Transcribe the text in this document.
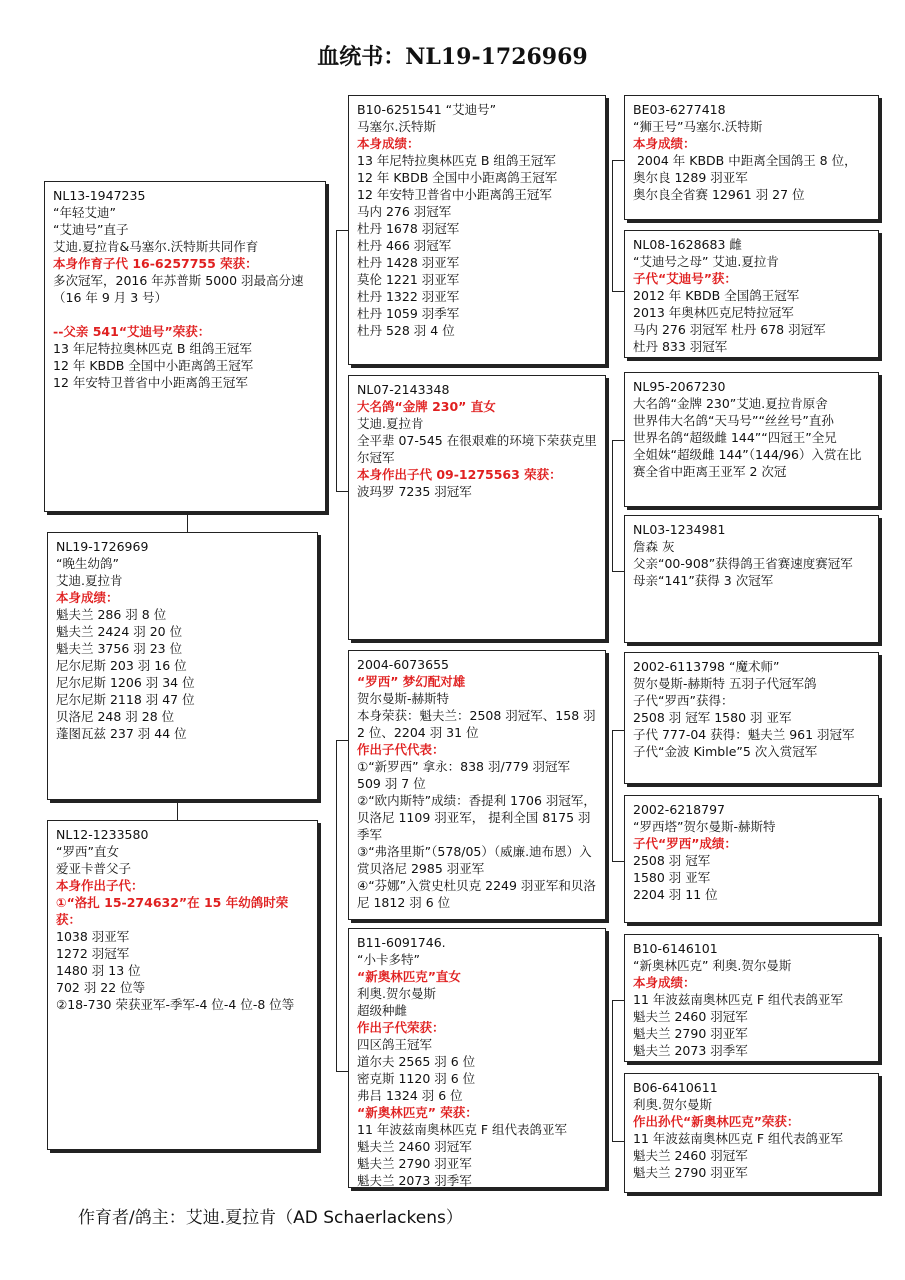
血统书：NL19-1726969
NL13-1947235
“年轻艾迪”
“艾迪号”直子
艾迪.夏拉肯&马塞尔.沃特斯共同作育
本身作育子代 16-6257755 荣获：
多次冠军，2016 年苏普斯 5000 羽最高分速（16 年 9 月 3 号）

--父亲 541“艾迪号”荣获：
13 年尼特拉奥林匹克 B 组鸽王冠军
12 年 KBDB 全国中小距离鸽王冠军
12 年安特卫普省中小距离鸽王冠军
NL19-1726969
“晚生幼鸽”
艾迪.夏拉肯
本身成绩：
魁夫兰 286 羽 8 位
魁夫兰 2424 羽 20 位
魁夫兰 3756 羽 23 位
尼尔尼斯 203 羽 16 位
尼尔尼斯 1206 羽 34 位
尼尔尼斯 2118 羽 47 位
贝洛尼 248 羽 28 位
蓬图瓦兹 237 羽 44 位
NL12-1233580
“罗西”直女
爱亚卡普父子
本身作出子代：
①“洛扎 15-274632”在 15 年幼鸽时荣获：
1038 羽亚军
1272 羽冠军
1480 羽 13 位
702 羽 22 位等
②18-730 荣获亚军-季军-4 位-4 位-8 位等
B10-6251541 “艾迪号”
马塞尔.沃特斯
本身成绩：
13 年尼特拉奥林匹克 B 组鸽王冠军
12 年 KBDB 全国中小距离鸽王冠军
12 年安特卫普省中小距离鸽王冠军
马内 276 羽冠军
杜丹 1678 羽冠军
杜丹 466 羽冠军
杜丹 1428 羽亚军
莫伦 1221 羽亚军
杜丹 1322 羽亚军
杜丹 1059 羽季军
杜丹 528 羽 4 位
NL07-2143348
大名鸽“金牌 230” 直女
艾迪.夏拉肯
全平辈 07-545 在很艰难的环境下荣获克里尔冠军
本身作出子代 09-1275563 荣获：
波玛罗 7235 羽冠军
2004-6073655
“罗西” 梦幻配对雄
贺尔曼斯-赫斯特
本身荣获：魁夫兰：2508 羽冠军、158 羽 2 位、2204 羽 31 位
作出子代代表：
①“新罗西” 拿永：838 羽/779 羽冠军 509 羽 7 位
②“欧内斯特”成绩：香提利 1706 羽冠军，贝洛尼 1109 羽亚军， 提利全国 8175 羽季军
③“弗洛里斯”（578/05）（威廉.迪布恩）入赏贝洛尼 2985 羽亚军
④“芬娜”入赏史杜贝克 2249 羽亚军和贝洛尼 1812 羽 6 位
B11-6091746.
“小卡多特”
“新奥林匹克”直女
利奥.贺尔曼斯
超级种雌
作出子代荣获：
四区鸽王冠军
道尔夫 2565 羽 6 位
密克斯 1120 羽 6 位
弗吕 1324 羽 6 位
“新奥林匹克” 荣获：
11 年波兹南奥林匹克 F 组代表鸽亚军
魁夫兰 2460 羽冠军
魁夫兰 2790 羽亚军
魁夫兰 2073 羽季军
BE03-6277418
“狮王号”马塞尔.沃特斯
本身成绩：
2004 年 KBDB 中距离全国鸽王 8 位，
奥尔良 1289 羽亚军
奥尔良全省赛 12961 羽 27 位
NL08-1628683 雌
“艾迪号之母” 艾迪.夏拉肯
子代“艾迪号”获：
2012 年 KBDB 全国鸽王冠军
2013 年奥林匹克尼特拉冠军
马内 276 羽冠军 杜丹 678 羽冠军
杜丹 833 羽冠军
NL95-2067230
大名鸽“金牌 230”艾迪.夏拉肯原舍
世界伟大名鸽“天马号”“丝丝号”直孙
世界名鸽“超级雌 144”“四冠王”全兄
全姐妹“超级雌 144”（144/96）入赏在比赛全省中距离王亚军 2 次冠
NL03-1234981
詹森 灰
父亲“00-908”获得鸽王省赛速度赛冠军
母亲“141”获得 3 次冠军
2002-6113798 “魔术师”
贺尔曼斯-赫斯特 五羽子代冠军鸽
子代“罗西”获得：
2508 羽 冠军 1580 羽 亚军
子代 777-04 获得：魁夫兰 961 羽冠军
子代“金波 Kimble”5 次入赏冠军
2002-6218797
“罗西塔”贺尔曼斯-赫斯特
子代“罗西”成绩：
2508 羽 冠军
1580 羽 亚军
2204 羽 11 位
B10-6146101
“新奥林匹克” 利奥.贺尔曼斯
本身成绩：
11 年波兹南奥林匹克 F 组代表鸽亚军
魁夫兰 2460 羽冠军
魁夫兰 2790 羽亚军
魁夫兰 2073 羽季军
B06-6410611
利奥.贺尔曼斯
作出孙代“新奥林匹克”荣获：
11 年波兹南奥林匹克 F 组代表鸽亚军
魁夫兰 2460 羽冠军
魁夫兰 2790 羽亚军
作育者/鸽主：艾迪.夏拉肯（AD Schaerlackens）
